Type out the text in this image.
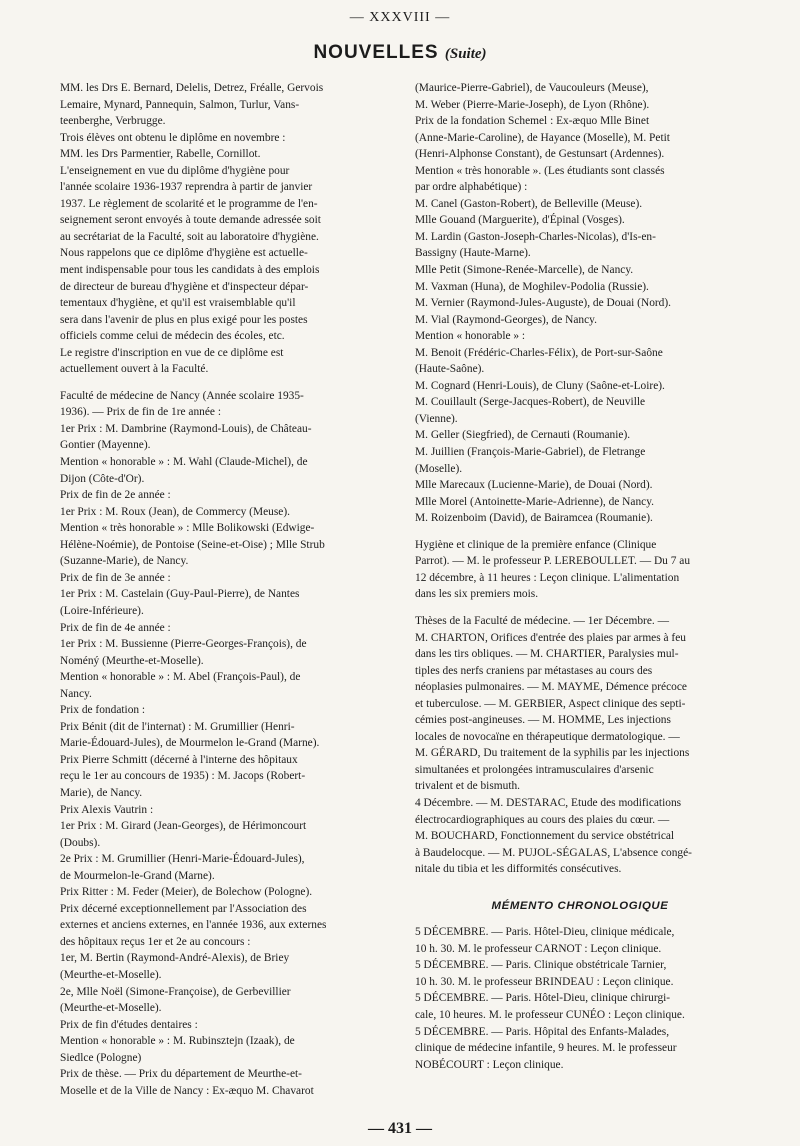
— XXXVIII —
NOUVELLES (Suite)
MM. les Drs E. Bernard, Delelis, Detrez, Fréalle, Gervois
Lemaire, Mynard, Pannequin, Salmon, Turlur, Vans-
teenberghe, Verbrugge.
Trois élèves ont obtenu le diplôme en novembre :
MM. les Drs Parmentier, Rabelle, Cornillot.
L'enseignement en vue du diplôme d'hygiène pour
l'année scolaire 1936-1937 reprendra à partir de janvier
1937. Le règlement de scolarité et le programme de l'en-
seignement seront envoyés à toute demande adressée soit
au secrétariat de la Faculté, soit au laboratoire d'hygiène.
Nous rappelons que ce diplôme d'hygiène est actuelle-
ment indispensable pour tous les candidats à des emplois
de directeur de bureau d'hygiène et d'inspecteur dépar-
tementaux d'hygiène, et qu'il est vraisemblable qu'il
sera dans l'avenir de plus en plus exigé pour les postes
officiels comme celui de médecin des écoles, etc.
Le registre d'inscription en vue de ce diplôme est
actuellement ouvert à la Faculté.
Faculté de médecine de Nancy (Année scolaire 1935-
1936). — Prix de fin de 1re année :
1er Prix : M. Dambrine (Raymond-Louis), de Château-
Gontier (Mayenne).
Mention « honorable » : M. Wahl (Claude-Michel), de
Dijon (Côte-d'Or).
Prix de fin de 2e année :
1er Prix : M. Roux (Jean), de Commercy (Meuse).
Mention « très honorable » : Mlle Bolikowski (Edwige-
Hélène-Noémie), de Pontoise (Seine-et-Oise) ; Mlle Strub
(Suzanne-Marie), de Nancy.
Prix de fin de 3e année :
1er Prix : M. Castelain (Guy-Paul-Pierre), de Nantes
(Loire-Inférieure).
Prix de fin de 4e année :
1er Prix : M. Bussienne (Pierre-Georges-François), de
Noméný (Meurthe-et-Moselle).
Mention « honorable » : M. Abel (François-Paul), de
Nancy.
Prix de fondation :
Prix Bénit (dit de l'internat) : M. Grumillier (Henri-
Marie-Édouard-Jules), de Mourmelon le-Grand (Marne).
Prix Pierre Schmitt (décerné à l'interne des hôpitaux
reçu le 1er au concours de 1935) : M. Jacops (Robert-
Marie), de Nancy.
Prix Alexis Vautrin :
1er Prix : M. Girard (Jean-Georges), de Hérimoncourt
(Doubs).
2e Prix : M. Grumillier (Henri-Marie-Édouard-Jules),
de Mourmelon-le-Grand (Marne).
Prix Ritter : M. Feder (Meier), de Bolechow (Pologne).
Prix décerné exceptionnellement par l'Association des
externes et anciens externes, en l'année 1936, aux externes
des hôpitaux reçus 1er et 2e au concours :
1er, M. Bertin (Raymond-André-Alexis), de Briey
(Meurthe-et-Moselle).
2e, Mlle Noël (Simone-Françoise), de Gerbevillier
(Meurthe-et-Moselle).
Prix de fin d'études dentaires :
Mention « honorable » : M. Rubinsztejn (Izaak), de
Siedlce (Pologne)
Prix de thèse. — Prix du département de Meurthe-et-
Moselle et de la Ville de Nancy : Ex-æquo M. Chavarot
(Maurice-Pierre-Gabriel), de Vaucouleurs (Meuse),
M. Weber (Pierre-Marie-Joseph), de Lyon (Rhône).
Prix de la fondation Schemel : Ex-æquo Mlle Binet
(Anne-Marie-Caroline), de Hayance (Moselle), M. Petit
(Henri-Alphonse Constant), de Gestunsart (Ardennes).
Mention « très honorable ». (Les étudiants sont classés
par ordre alphabétique) :
M. Canel (Gaston-Robert), de Belleville (Meuse).
Mlle Gouand (Marguerite), d'Épinal (Vosges).
M. Lardin (Gaston-Joseph-Charles-Nicolas), d'Is-en-
Bassigny (Haute-Marne).
Mlle Petit (Simone-Renée-Marcelle), de Nancy.
M. Vaxman (Huna), de Moghilev-Podolia (Russie).
M. Vernier (Raymond-Jules-Auguste), de Douai (Nord).
M. Vial (Raymond-Georges), de Nancy.
Mention « honorable » :
M. Benoit (Frédéric-Charles-Félix), de Port-sur-Saône
(Haute-Saône).
M. Cognard (Henri-Louis), de Cluny (Saône-et-Loire).
M. Couillault (Serge-Jacques-Robert), de Neuville
(Vienne).
M. Geller (Siegfried), de Cernauti (Roumanie).
M. Juillien (François-Marie-Gabriel), de Fletrange
(Moselle).
Mlle Marecaux (Lucienne-Marie), de Douai (Nord).
Mlle Morel (Antoinette-Marie-Adrienne), de Nancy.
M. Roizenboim (David), de Bairamcea (Roumanie).
Hygiène et clinique de la première enfance (Clinique
Parrot). — M. le professeur P. LEREBOULLET. — Du 7 au
12 décembre, à 11 heures : Leçon clinique. L'alimentation
dans les six premiers mois.
Thèses de la Faculté de médecine. — 1er Décembre. —
M. CHARTON, Orifices d'entrée des plaies par armes à feu
dans les tirs obliques. — M. CHARTIER, Paralysies mul-
tiples des nerfs craniens par métastases au cours des
néoplasies pulmonaires. — M. MAYME, Démence précoce
et tuberculose. — M. GERBIER, Aspect clinique des septi-
cémies post-angineuses. — M. HOMME, Les injections
locales de novocaïne en thérapeutique dermatologique. —
M. GÉRARD, Du traitement de la syphilis par les injections
simultanées et prolongées intramusculaires d'arsenic
trivalent et de bismuth.
4 Décembre. — M. DESTARAC, Etude des modifications
électrocardiographiques au cours des plaies du cœur. —
M. BOUCHARD, Fonctionnement du service obstétrical
à Baudelocque. — M. PUJOL-SÉGALAS, L'absence congé-
nitale du tibia et les difformités consécutives.
MÉMENTO CHRONOLOGIQUE
5 DÉCEMBRE. — Paris. Hôtel-Dieu, clinique médicale,
10 h. 30. M. le professeur CARNOT : Leçon clinique.
5 DÉCEMBRE. — Paris. Clinique obstétricale Tarnier,
10 h. 30. M. le professeur BRINDEAU : Leçon clinique.
5 DÉCEMBRE. — Paris. Hôtel-Dieu, clinique chirurgi-
cale, 10 heures. M. le professeur CUNÉO : Leçon clinique.
5 DÉCEMBRE. — Paris. Hôpital des Enfants-Malades,
clinique de médecine infantile, 9 heures. M. le professeur
NOBÉCOURT : Leçon clinique.
— 431 —
